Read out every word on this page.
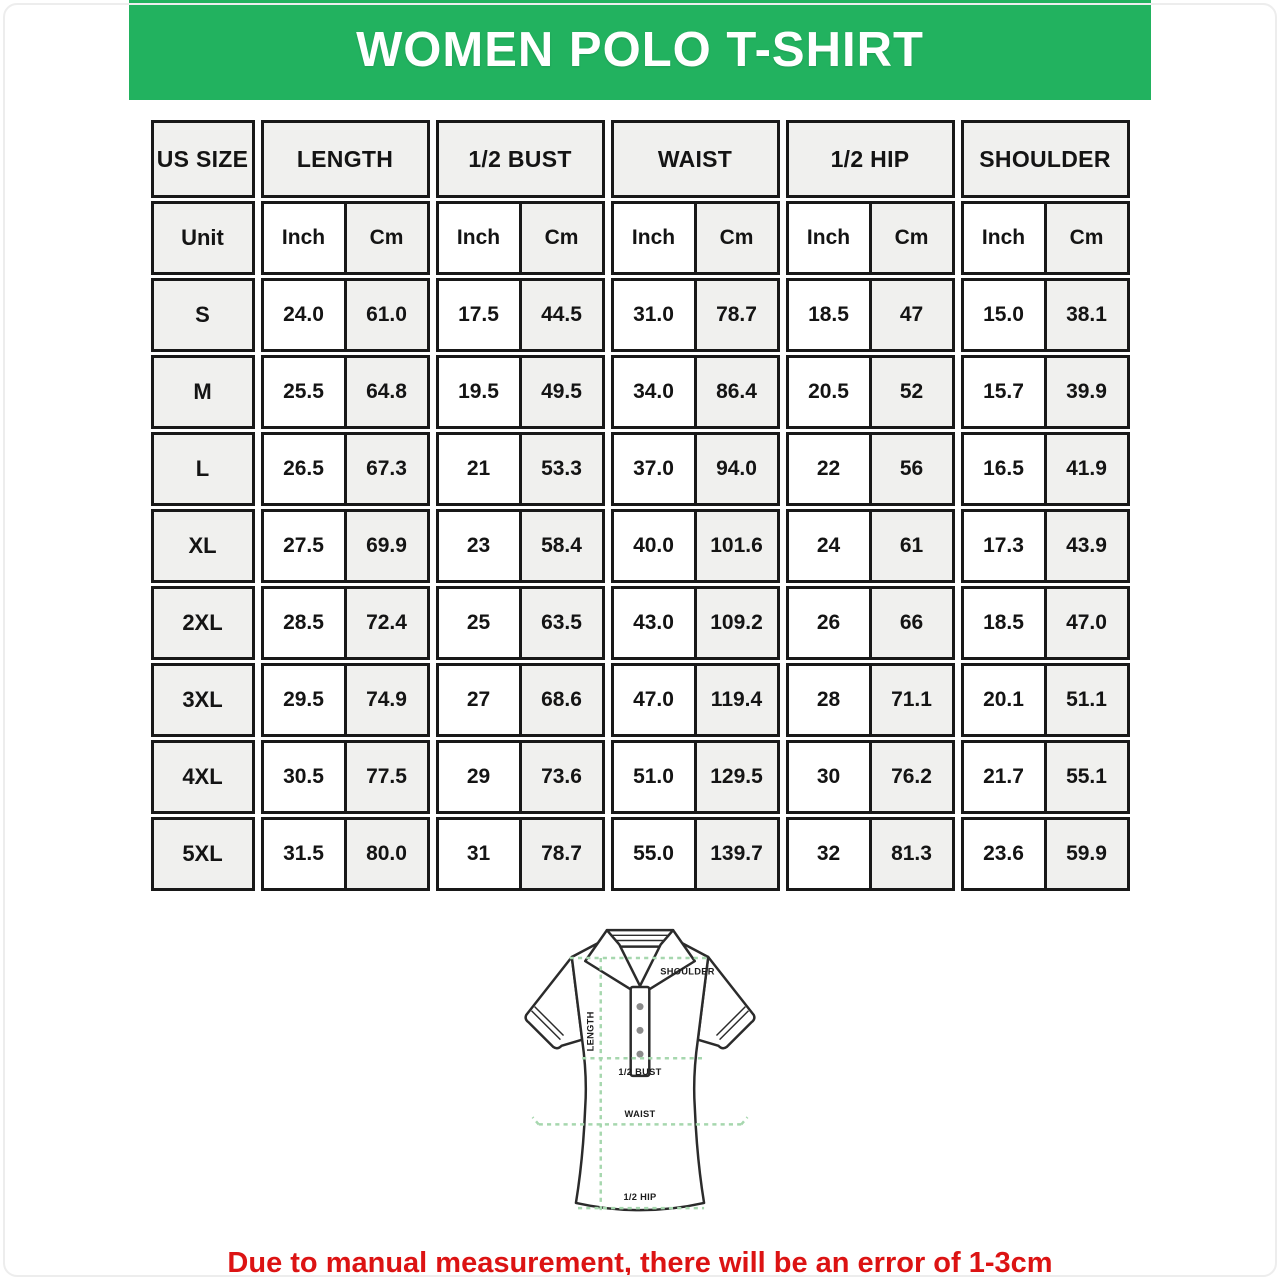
WOMEN POLO T-SHIRT
US SIZE	LENGTH	1/2 BUST	WAIST	1/2 HIP	SHOULDER
Unit	Inch	Cm	Inch	Cm	Inch	Cm	Inch	Cm	Inch	Cm
S	24.0	61.0	17.5	44.5	31.0	78.7	18.5	47	15.0	38.1
M	25.5	64.8	19.5	49.5	34.0	86.4	20.5	52	15.7	39.9
L	26.5	67.3	21	53.3	37.0	94.0	22	56	16.5	41.9
XL	27.5	69.9	23	58.4	40.0	101.6	24	61	17.3	43.9
2XL	28.5	72.4	25	63.5	43.0	109.2	26	66	18.5	47.0
3XL	29.5	74.9	27	68.6	47.0	119.4	28	71.1	20.1	51.1
4XL	30.5	77.5	29	73.6	51.0	129.5	30	76.2	21.7	55.1
5XL	31.5	80.0	31	78.7	55.0	139.7	32	81.3	23.6	59.9
SHOULDER
LENGTH
1/2 BUST
WAIST
1/2 HIP
Due to manual measurement, there will be an error of 1-3cm
